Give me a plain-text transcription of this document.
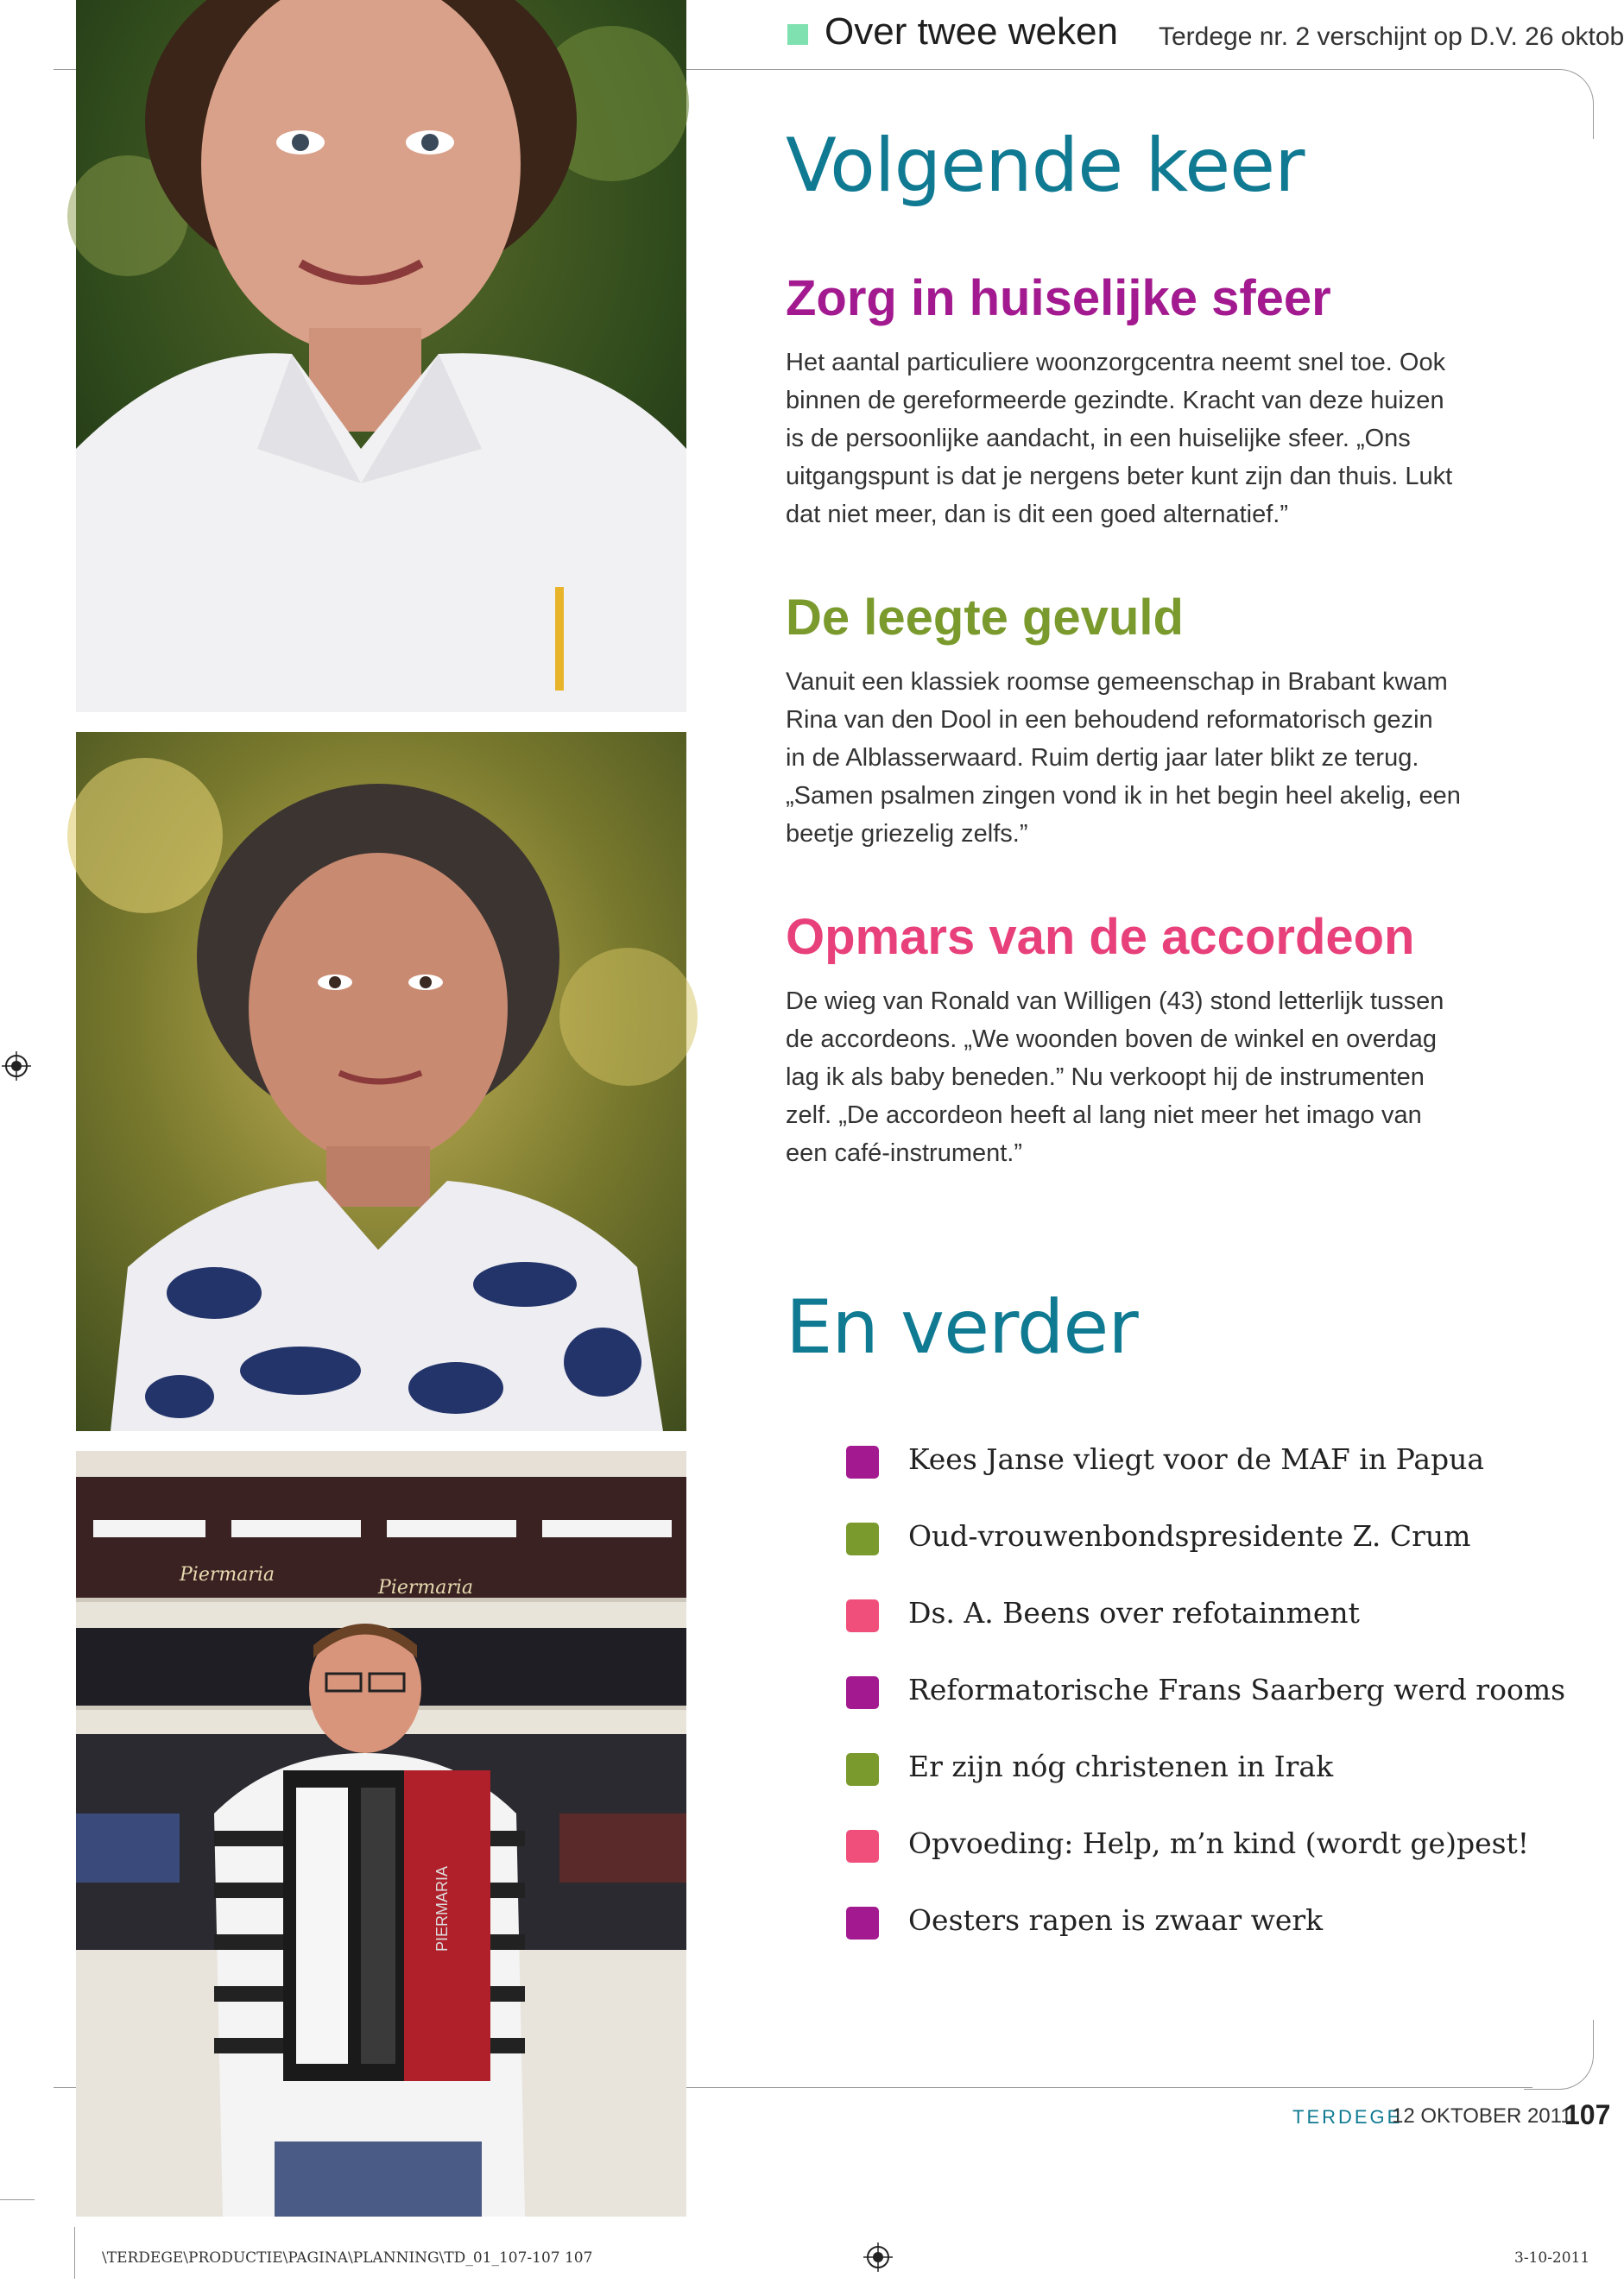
Piermaria
Piermaria
PIERMARIA
Over twee weken Terdege nr. 2 verschijnt op D.V. 26 oktob
Volgende keer
Zorg in huiselijke sfeer
Het aantal particuliere woonzorgcentra neemt snel toe. Ook
binnen de gereformeerde gezindte. Kracht van deze huizen
is de persoonlijke aandacht, in een huiselijke sfeer. „Ons
uitgangspunt is dat je nergens beter kunt zijn dan thuis. Lukt
dat niet meer, dan is dit een goed alternatief.”
De leegte gevuld
Vanuit een klassiek roomse gemeenschap in Brabant kwam
Rina van den Dool in een behoudend reformatorisch gezin
in de Alblasserwaard. Ruim dertig jaar later blikt ze terug.
„Samen psalmen zingen vond ik in het begin heel akelig, een
beetje griezelig zelfs.”
Opmars van de accordeon
De wieg van Ronald van Willigen (43) stond letterlijk tussen
de accordeons. „We woonden boven de winkel en overdag
lag ik als baby beneden.” Nu verkoopt hij de instrumenten
zelf. „De accordeon heeft al lang niet meer het imago van
een café-instrument.”
En verder
Kees Janse vliegt voor de MAF in Papua
Oud-vrouwenbondspresidente Z. Crum
Ds. A. Beens over refotainment
Reformatorische Frans Saarberg werd rooms
Er zijn nóg christenen in Irak
Opvoeding: Help, m’n kind (wordt ge)pest!
Oesters rapen is zwaar werk
TERDEGE
12 OKTOBER 2011
107
\TERDEGE\PRODUCTIE\PAGINA\PLANNING\TD_01_107-107 107	3-10-2011
